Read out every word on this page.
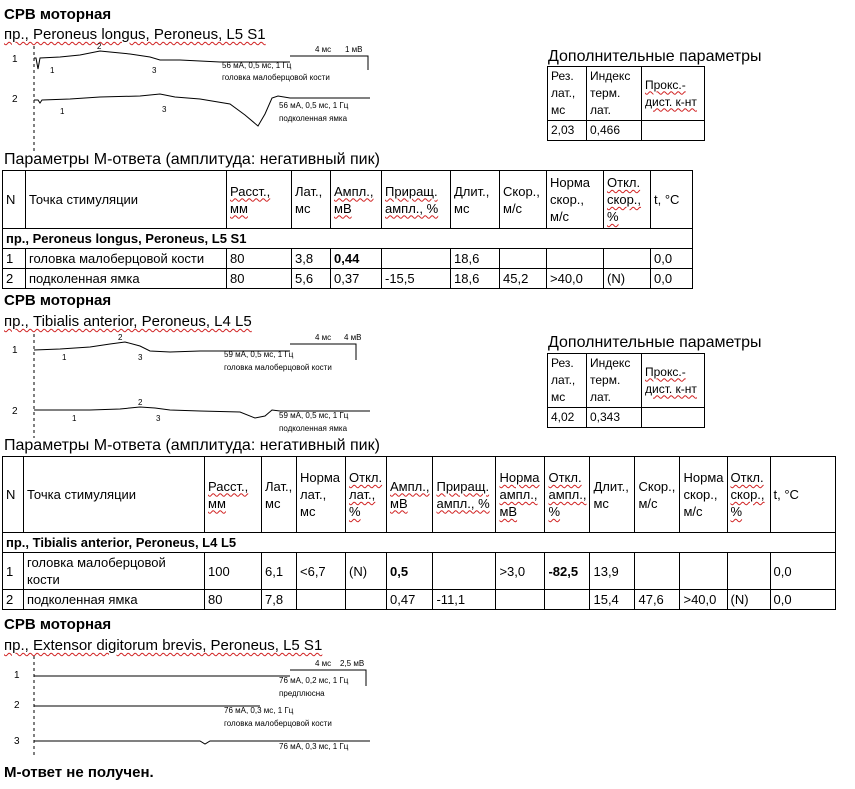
СРВ моторная
пр., Peroneus longus, Peroneus, L5 S1
4 мс 1 мВ
1
1
2
3
56 мА, 0,5 мс, 1 Гц
головка малоберцовой кости
2
1	3	56 мА, 0,5 мс, 1 Гц
подколенная ямка
Дополнительные параметры
Рез. лат., мс	Индекс терм. лат.	Прокс.-дист. к-нт
2,03	0,466	
Параметры М-ответа (амплитуда: негативный пик)
N	Точка стимуляции	Расст., мм	Лат., мс	Ампл., мВ	Приращ. ампл., %	Длит., мс	Скор., м/с	Норма скор., м/с	Откл. скор., %	t, °C
пр., Peroneus longus, Peroneus, L5 S1										
1	головка малоберцовой кости	80	3,8	0,44		18,6				0,0
2	подколенная ямка	80	5,6	0,37	-15,5	18,6	45,2	>40,0	(N)	0,0
СРВ моторная
пр., Tibialis anterior, Peroneus, L4 L5
4 мс 4 мВ
1
1
2
3	59 мА, 0,5 мс, 1 Гц
головка малоберцовой кости
2
1
2
3	59 мА, 0,5 мс, 1 Гц
подколенная ямка
Дополнительные параметры
Рез. лат., мс	Индекс терм. лат.	Прокс.-дист. к-нт
4,02	0,343	
Параметры М-ответа (амплитуда: негативный пик)
N	Точка стимуляции	Расст., мм	Лат., мс	Норма лат., мс	Откл. лат., %	Ампл., мВ	Приращ. ампл., %	Норма ампл., мВ	Откл. ампл., %	Длит., мс	Скор., м/с	Норма скор., м/с	Откл. скор., %	t, °C
пр., Tibialis anterior, Peroneus, L4 L5														
1	головка малоберцовой кости	100	6,1	<6,7	(N)	0,5		>3,0	-82,5	13,9				0,0
2	подколенная ямка	80	7,8			0,47	-11,1			15,4	47,6	>40,0	(N)	0,0
СРВ моторная
пр., Extensor digitorum brevis, Peroneus, L5 S1
4 мс 2,5 мВ
1	76 мА, 0,2 мс, 1 Гц
предплюсна
2	76 мА, 0,3 мс, 1 Гц
головка малоберцовой кости
3	76 мА, 0,3 мс, 1 Гц
М-ответ не получен.
